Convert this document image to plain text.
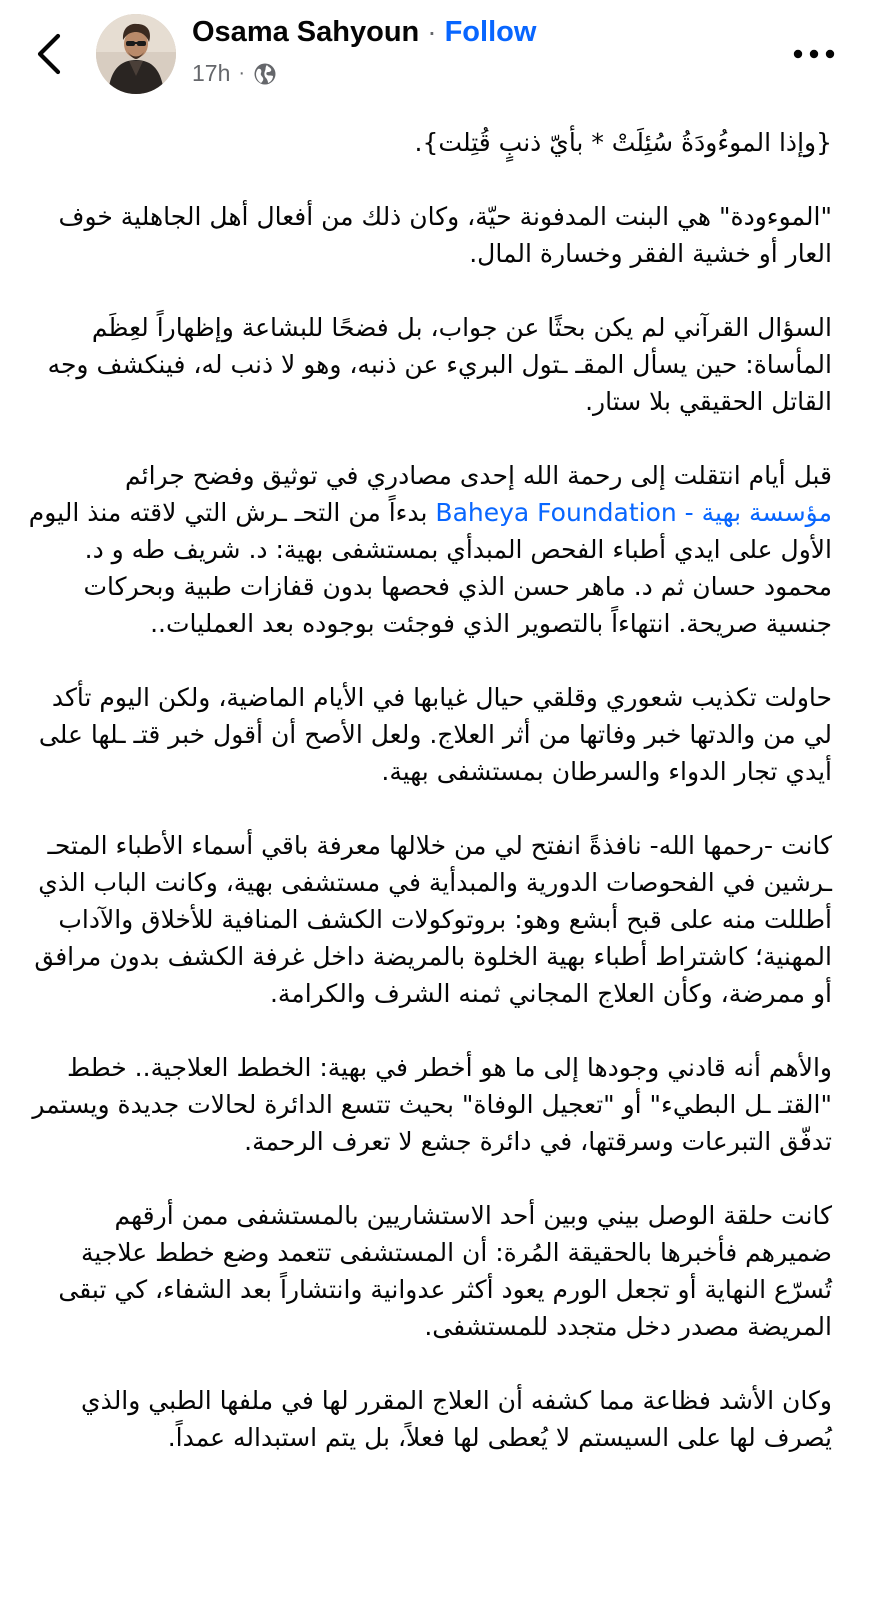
Osama Sahyoun · Follow
17h ·

{وإذا الموءُودَةُ سُئِلَتْ * بأيّ ذنبٍ قُتِلت}.

"الموءودة" هي البنت المدفونة حيّة، وكان ذلك من أفعال أهل الجاهلية خوف العار أو خشية الفقر وخسارة المال.

السؤال القرآني لم يكن بحثًا عن جواب، بل فضحًا للبشاعة وإظهاراً لعِظَم المأساة: حين يسأل المقـ ـتول البريء عن ذنبه، وهو لا ذنب له، فينكشف وجه القاتل الحقيقي بلا ستار.

قبل أيام انتقلت إلى رحمة الله إحدى مصادري في توثيق وفضح جرائم Baheya Foundation - مؤسسة بهية بدءاً من التحـ ـرش التي لاقته منذ اليوم الأول على ايدي أطباء الفحص المبدأي بمستشفى بهية: د. شريف طه و د. محمود حسان ثم د. ماهر حسن الذي فحصها بدون قفازات طبية وبحركات جنسية صريحة. انتهاءاً بالتصوير الذي فوجئت بوجوده بعد العمليات..

حاولت تكذيب شعوري وقلقي حيال غيابها في الأيام الماضية، ولكن اليوم تأكد لي من والدتها خبر وفاتها من أثر العلاج. ولعل الأصح أن أقول خبر قتـ ـلها على أيدي تجار الدواء والسرطان بمستشفى بهية.

كانت -رحمها الله- نافذةً انفتح لي من خلالها معرفة باقي أسماء الأطباء المتحـ ـرشين في الفحوصات الدورية والمبدأية في مستشفى بهية، وكانت الباب الذي أطللت منه على قبح أبشع وهو: بروتوكولات الكشف المنافية للأخلاق والآداب المهنية؛ كاشتراط أطباء بهية الخلوة بالمريضة داخل غرفة الكشف بدون مرافق أو ممرضة، وكأن العلاج المجاني ثمنه الشرف والكرامة.

والأهم أنه قادني وجودها إلى ما هو أخطر في بهية: الخطط العلاجية.. خطط "القتـ ـل البطيء" أو "تعجيل الوفاة" بحيث تتسع الدائرة لحالات جديدة ويستمر تدفّق التبرعات وسرقتها، في دائرة جشع لا تعرف الرحمة.

كانت حلقة الوصل بيني وبين أحد الاستشاريين بالمستشفى ممن أرقهم ضميرهم فأخبرها بالحقيقة المُرة: أن المستشفى تتعمد وضع خطط علاجية تُسرّع النهاية أو تجعل الورم يعود أكثر عدوانية وانتشاراً بعد الشفاء، كي تبقى المريضة مصدر دخل متجدد للمستشفى.

وكان الأشد فظاعة مما كشفه أن العلاج المقرر لها في ملفها الطبي والذي يُصرف لها على السيستم لا يُعطى لها فعلاً، بل يتم استبداله عمداً.
